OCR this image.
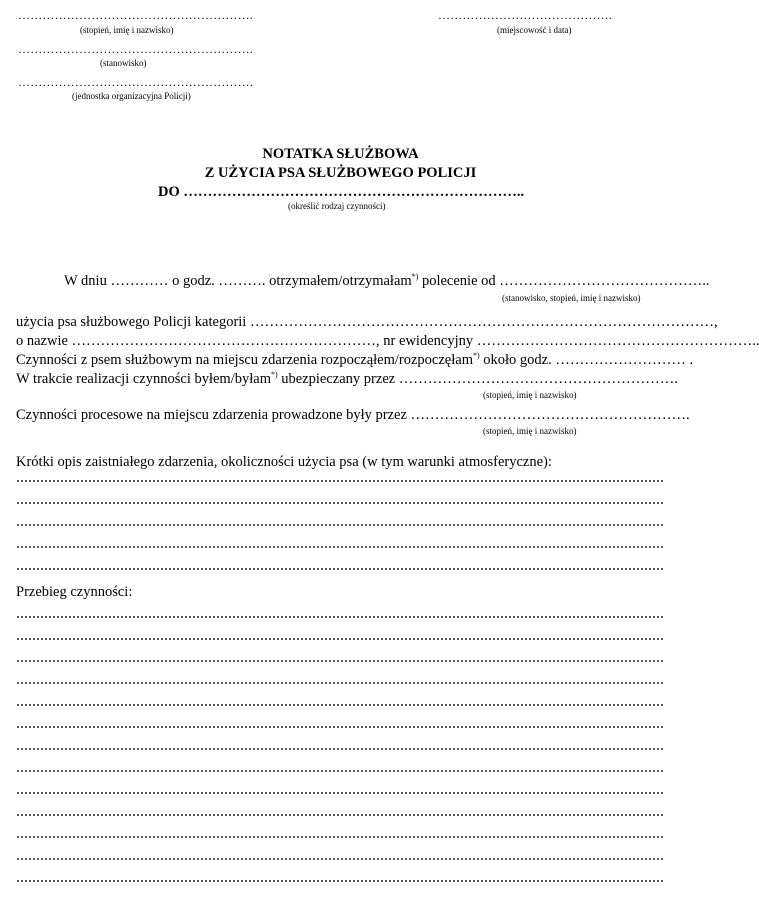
………………………………………………….
(stopień, imię i nazwisko)
………………………………………………….
(stanowisko)
………………………………………………….
(jednostka organizacyjna Policji)
…………………………………….
(miejscowość i data)
NOTATKA SŁUŻBOWA
Z UŻYCIA PSA SŁUŻBOWEGO POLICJI
DO ……………………………………………………………..
(określić rodzaj czynności)
W dniu ………… o godz. ………. otrzymałem/otrzymałam*) polecenie od ……………………………………..
(stanowisko, stopień, imię i nazwisko)
użycia psa służbowego Policji kategorii ……………………………………………………………………………………,
o nazwie ………………………………………………………, nr ewidencyjny …………………………………………………..
Czynności z psem służbowym na miejscu zdarzenia rozpocząłem/rozpoczęłam*) około godz. ……………………… .
W trakcie realizacji czynności byłem/byłam*) ubezpieczany przez ………………………………………………….
(stopień, imię i nazwisko)
Czynności procesowe na miejscu zdarzenia prowadzone były przez ………………………………………………….
(stopień, imię i nazwisko)
Krótki opis zaistniałego zdarzenia, okoliczności użycia psa (w tym warunki atmosferyczne):
Przebieg czynności:
